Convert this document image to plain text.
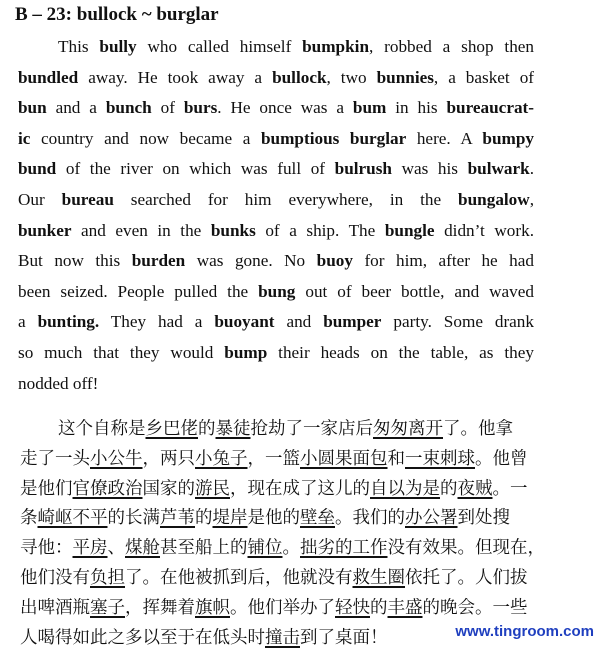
B – 23: bullock ~ burglar
This bully who called himself bumpkin, robbed a shop then
bundled away. He took away a bullock, two bunnies, a basket of
bun and a bunch of burs. He once was a bum in his bureaucrat-
ic country and now became a bumptious burglar here. A bumpy
bund of the river on which was full of bulrush was his bulwark.
Our bureau searched for him everywhere, in the bungalow,
bunker and even in the bunks of a ship. The bungle didn’t work.
But now this burden was gone. No buoy for him, after he had
been seized. People pulled the bung out of beer bottle, and waved
a bunting. They had a buoyant and bumper party. Some drank
so much that they would bump their heads on the table, as they
nodded off!
这个自称是乡巴佬的暴徒抢劫了一家店后匆匆离开了。他拿
走了一头小公牛，两只小兔子，一篮小圆果面包和一束刺球。他曾
是他们官僚政治国家的游民，现在成了这儿的自以为是的夜贼。一
条崎岖不平的长满芦苇的堤岸是他的壁垒。我们的办公署到处搜
寻他：平房、煤舱甚至船上的铺位。拙劣的工作没有效果。但现在，
他们没有负担了。在他被抓到后，他就没有救生圈依托了。人们拔
出啤酒瓶塞子，挥舞着旗帜。他们举办了轻快的丰盛的晚会。一些
人喝得如此之多以至于在低头时撞击到了桌面！	www.tingroom.com
